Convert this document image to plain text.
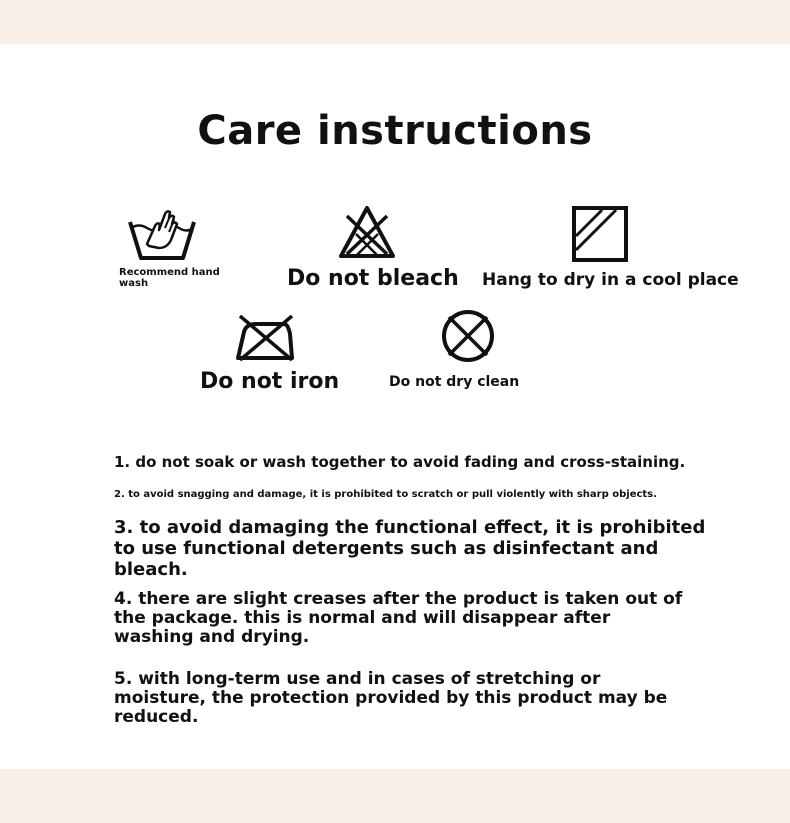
Care instructions
Recommend hand wash	Do not bleach Hang to dry in a cool place
Do not iron	Do not dry clean
1. do not soak or wash together to avoid fading and cross-staining.
2. to avoid snagging and damage, it is prohibited to scratch or pull violently with sharp objects.
3. to avoid damaging the functional effect, it is prohibited to use functional detergents such as disinfectant and bleach.
4. there are slight creases after the product is taken out of the package. this is normal and will disappear after washing and drying.
5. with long-term use and in cases of stretching or moisture, the protection provided by this product may be reduced.
